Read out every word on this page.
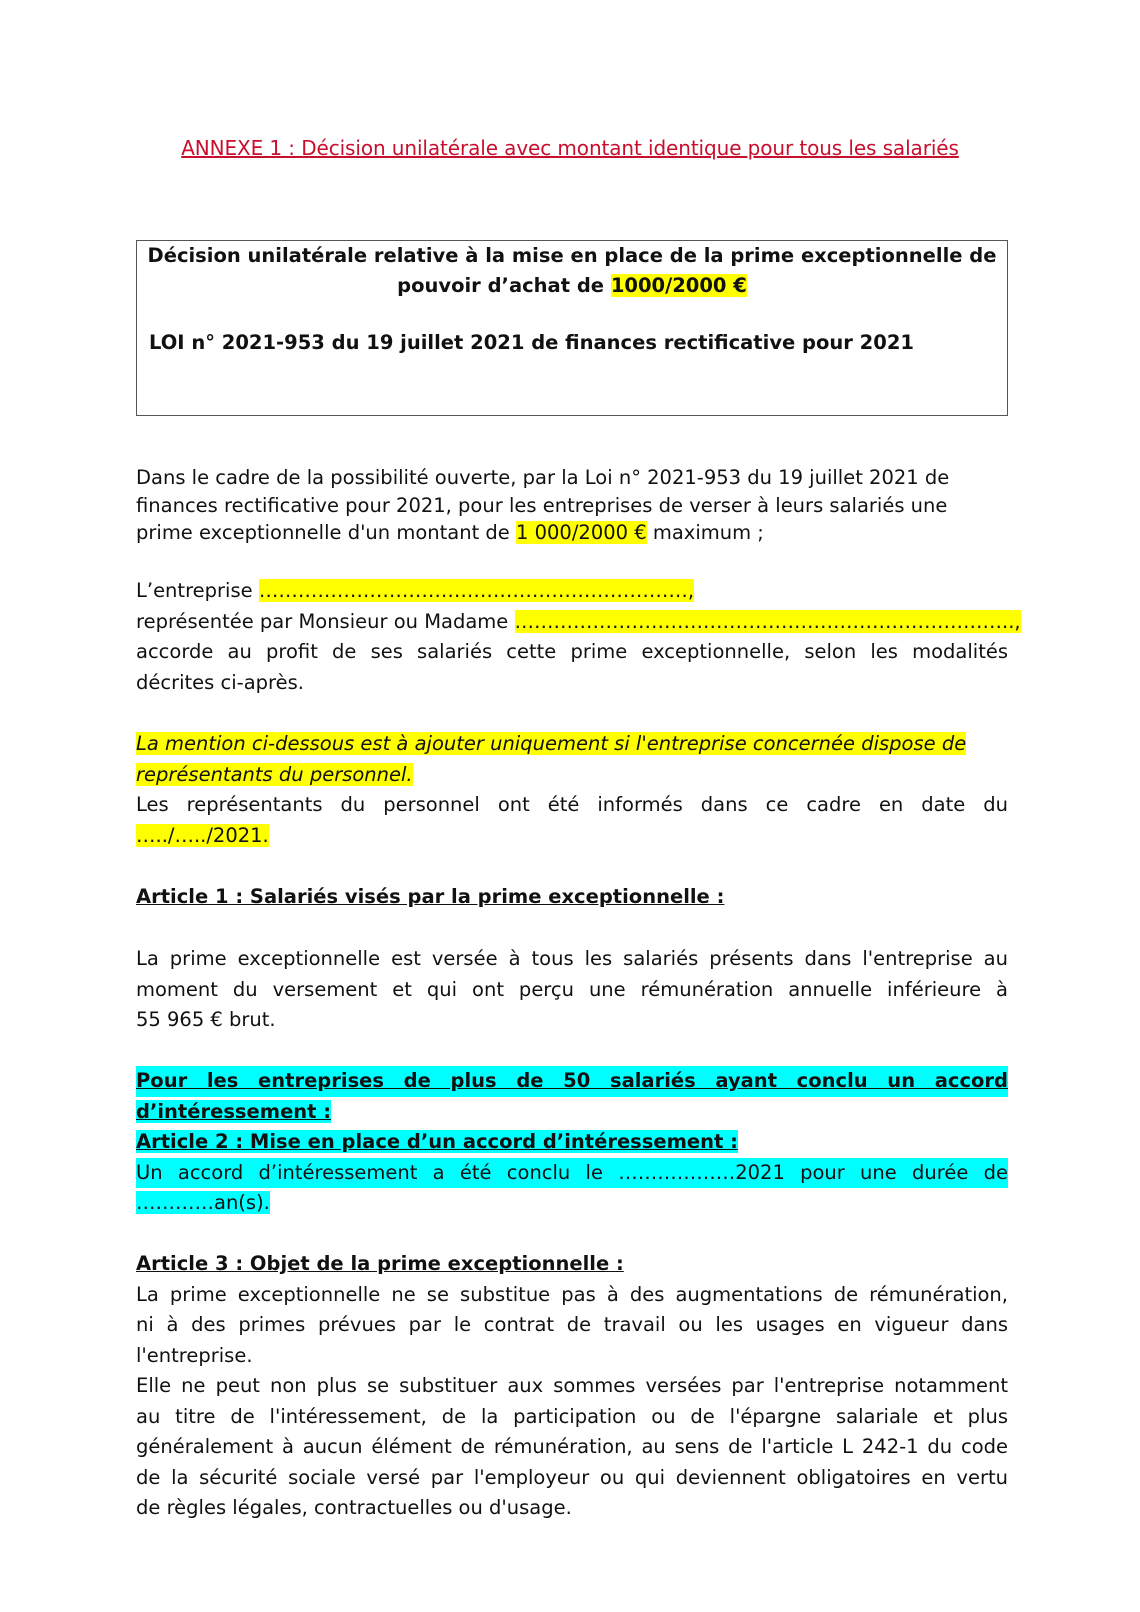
ANNEXE 1 : Décision unilatérale avec montant identique pour tous les salariés
Décision unilatérale relative à la mise en place de la prime exceptionnelle de
pouvoir d’achat de 1000/2000 €
LOI n° 2021-953 du 19 juillet 2021 de finances rectificative pour 2021
Dans le cadre de la possibilité ouverte, par la Loi n° 2021-953 du 19 juillet 2021 de
finances rectificative pour 2021, pour les entreprises de verser à leurs salariés une
prime exceptionnelle d'un montant de 1 000/2000 € maximum ;
L’entreprise …………………………………………………………,
représentée par Monsieur ou Madame …………………………………………………………………..,
accorde au profit de ses salariés cette prime exceptionnelle, selon les modalités
décrites ci-après.
La mention ci-dessous est à ajouter uniquement si l'entreprise concernée dispose de
représentants du personnel.
Les représentants du personnel ont été informés dans ce cadre en date du
…../…../2021.
Article 1 : Salariés visés par la prime exceptionnelle :
La prime exceptionnelle est versée à tous les salariés présents dans l'entreprise au
moment du versement et qui ont perçu une rémunération annuelle inférieure à
55 965 € brut.
Pour les entreprises de plus de 50 salariés ayant conclu un accord
d’intéressement :
Article 2 : Mise en place d’un accord d’intéressement :
Un accord d’intéressement a été conclu le ………………2021 pour une durée de
…………an(s).
Article 3 : Objet de la prime exceptionnelle :
La prime exceptionnelle ne se substitue pas à des augmentations de rémunération,
ni à des primes prévues par le contrat de travail ou les usages en vigueur dans
l'entreprise.
Elle ne peut non plus se substituer aux sommes versées par l'entreprise notamment
au titre de l'intéressement, de la participation ou de l'épargne salariale et plus
généralement à aucun élément de rémunération, au sens de l'article L 242-1 du code
de la sécurité sociale versé par l'employeur ou qui deviennent obligatoires en vertu
de règles légales, contractuelles ou d'usage.
